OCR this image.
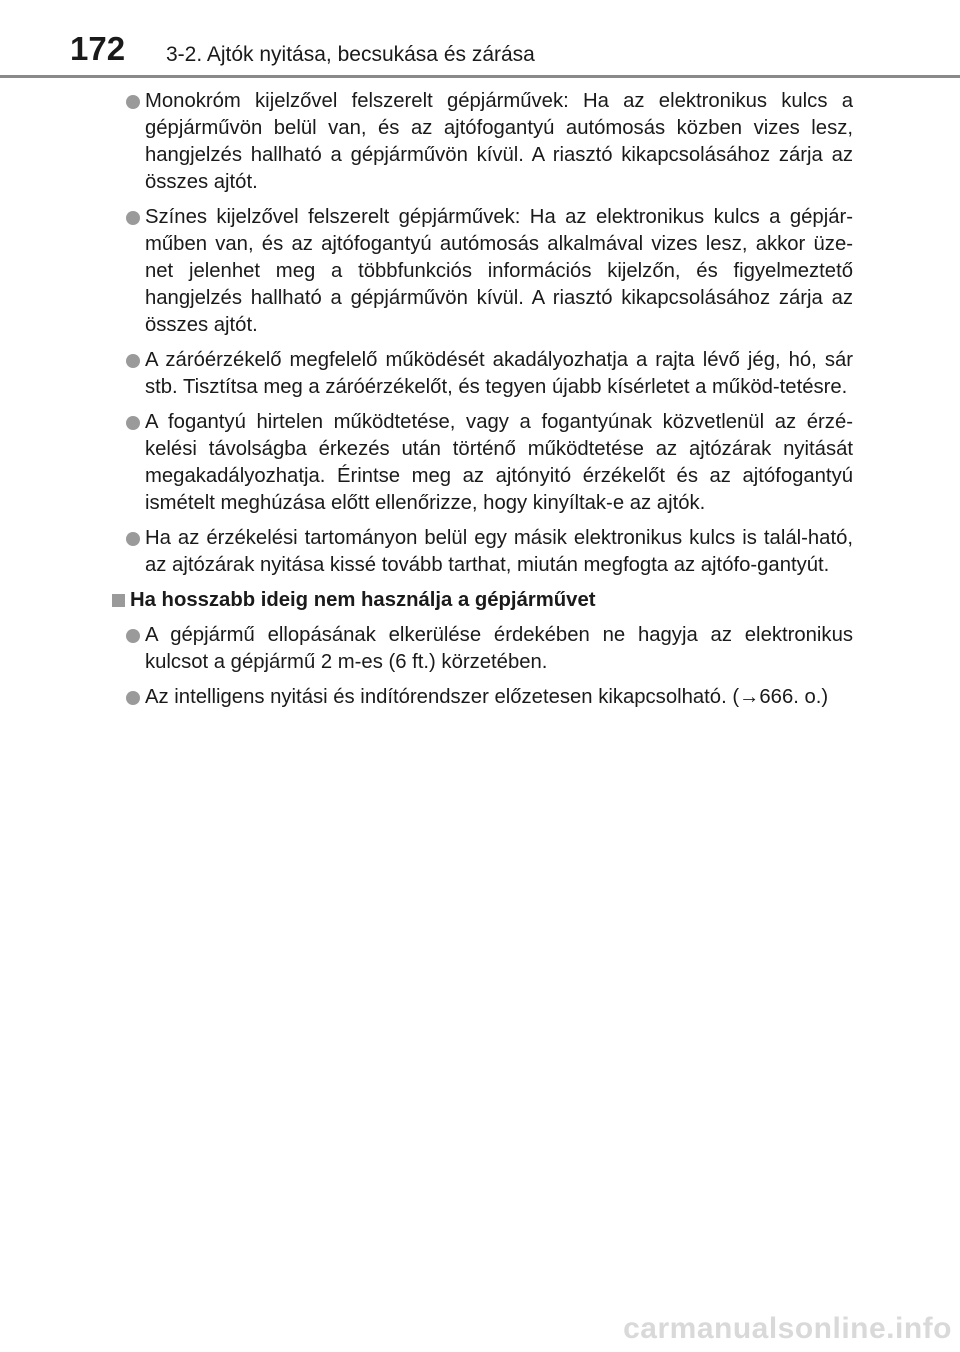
172 3-2. Ajtók nyitása, becsukása és zárása
Monokróm kijelzővel felszerelt gépjárművek: Ha az elektronikus kulcs a gépjárművön belül van, és az ajtófogantyú autómosás közben vizes lesz, hangjelzés hallható a gépjárművön kívül. A riasztó kikapcsolásához zárja az összes ajtót.
Színes kijelzővel felszerelt gépjárművek: Ha az elektronikus kulcs a gépjár-műben van, és az ajtófogantyú autómosás alkalmával vizes lesz, akkor üze-net jelenhet meg a többfunkciós információs kijelzőn, és figyelmeztető hangjelzés hallható a gépjárművön kívül. A riasztó kikapcsolásához zárja az összes ajtót.
A záróérzékelő megfelelő működését akadályozhatja a rajta lévő jég, hó, sár stb. Tisztítsa meg a záróérzékelőt, és tegyen újabb kísérletet a működ-tetésre.
A fogantyú hirtelen működtetése, vagy a fogantyúnak közvetlenül az érzé-kelési távolságba érkezés után történő működtetése az ajtózárak nyitását megakadályozhatja. Érintse meg az ajtónyitó érzékelőt és az ajtófogantyú ismételt meghúzása előtt ellenőrizze, hogy kinyíltak-e az ajtók.
Ha az érzékelési tartományon belül egy másik elektronikus kulcs is talál-ható, az ajtózárak nyitása kissé tovább tarthat, miután megfogta az ajtófo-gantyút.
Ha hosszabb ideig nem használja a gépjárművet
A gépjármű ellopásának elkerülése érdekében ne hagyja az elektronikus kulcsot a gépjármű 2 m-es (6 ft.) körzetében.
Az intelligens nyitási és indítórendszer előzetesen kikapcsolható. (→666. o.)
carmanualsonline.info
